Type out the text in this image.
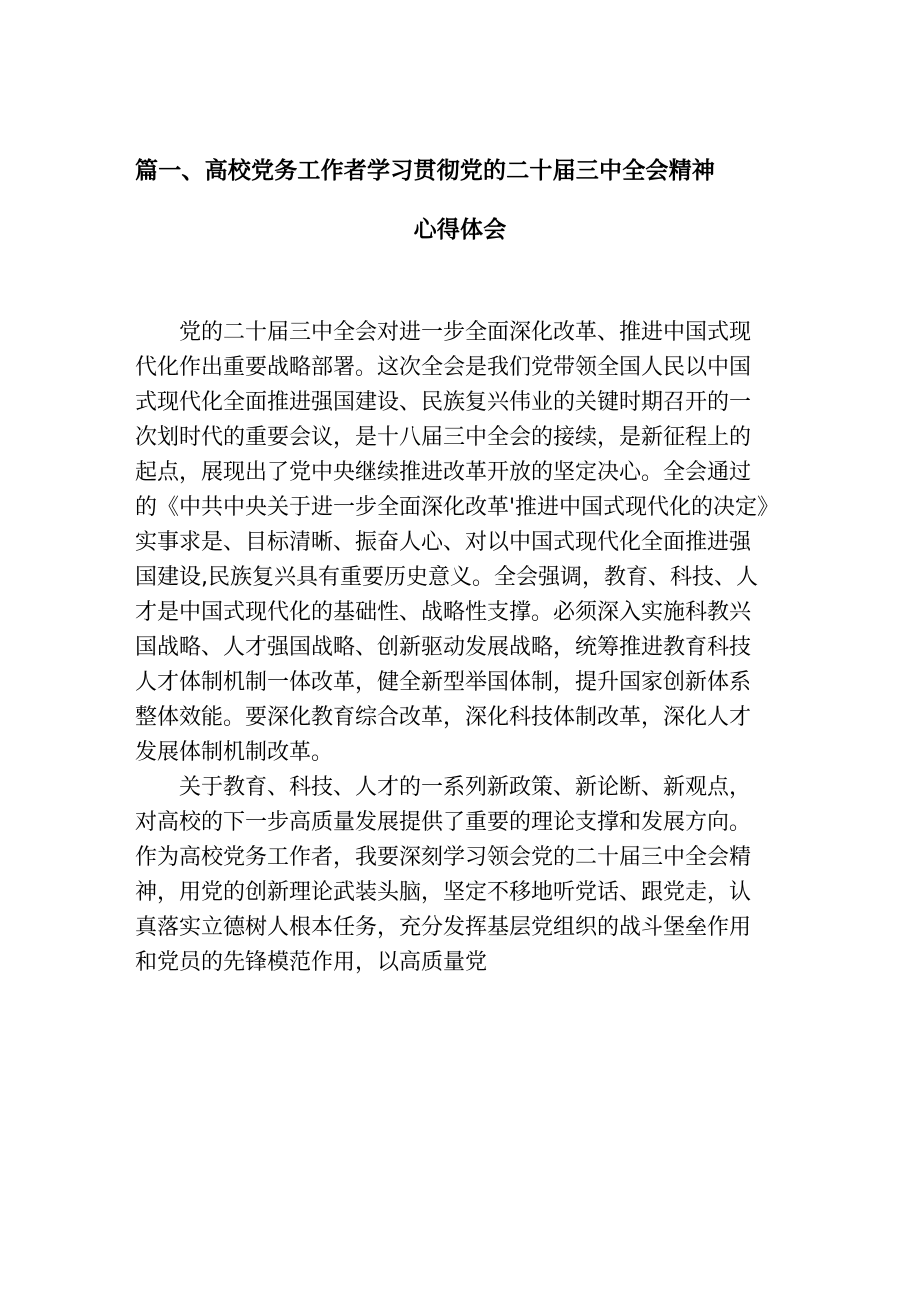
篇一、高校党务工作者学习贯彻党的二十届三中全会精神
心得体会
党的二十届三中全会对进一步全面深化改革、推进中国式现
代化作出重要战略部署。这次全会是我们党带领全国人民以中国
式现代化全面推进强国建设、民族复兴伟业的关键时期召开的一
次划时代的重要会议，是十八届三中全会的接续，是新征程上的
起点，展现出了党中央继续推进改革开放的坚定决心。全会通过
的《中共中央关于进一步全面深化改革'推进中国式现代化的决定》
实事求是、目标清晰、振奋人心、对以中国式现代化全面推进强
国建设,民族复兴具有重要历史意义。全会强调，教育、科技、人
才是中国式现代化的基础性、战略性支撑。必须深入实施科教兴
国战略、人才强国战略、创新驱动发展战略，统筹推进教育科技
人才体制机制一体改革，健全新型举国体制，提升国家创新体系
整体效能。要深化教育综合改革，深化科技体制改革，深化人才
发展体制机制改革。
关于教育、科技、人才的一系列新政策、新论断、新观点，
对高校的下一步高质量发展提供了重要的理论支撑和发展方向。
作为高校党务工作者，我要深刻学习领会党的二十届三中全会精
神，用党的创新理论武装头脑，坚定不移地听党话、跟党走，认
真落实立德树人根本任务，充分发挥基层党组织的战斗堡垒作用
和党员的先锋模范作用，以高质量党
